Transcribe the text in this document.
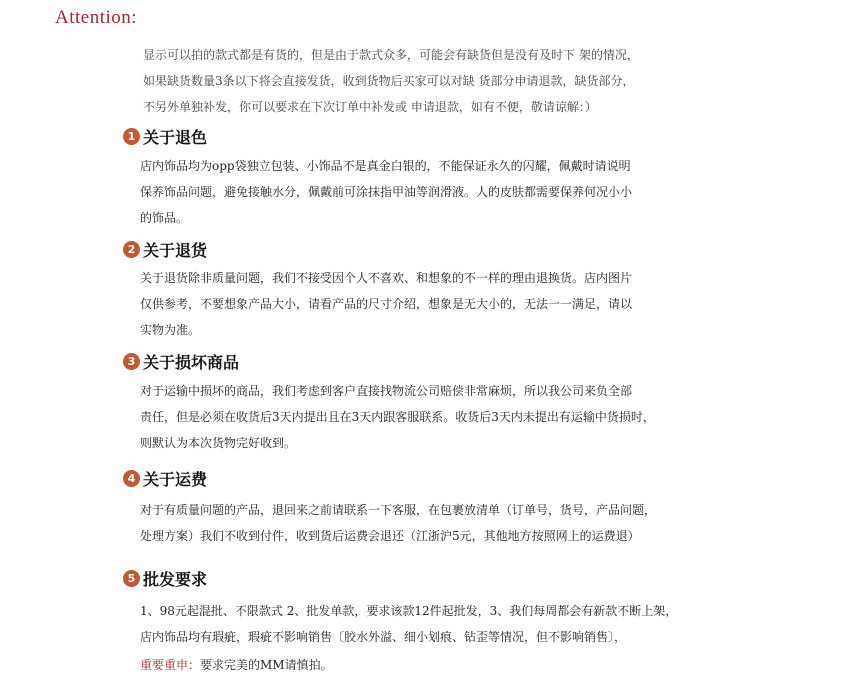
Attention:
显示可以拍的款式都是有货的，但是由于款式众多，可能会有缺货但是没有及时下 架的情况，
如果缺货数量3条以下将会直接发货，收到货物后买家可以对缺 货部分申请退款，缺货部分，
不另外单独补发，你可以要求在下次订单中补发或 申请退款，如有不便，敬请谅解：）
1 关于退色
店内饰品均为opp袋独立包装、小饰品不是真金白银的，不能保证永久的闪耀，佩戴时请说明
保养饰品问题，避免接触水分，佩戴前可涂抹指甲油等润滑液。人的皮肤都需要保养何况小小
的饰品。
2 关于退货
关于退货除非质量问题，我们不接受因个人不喜欢、和想象的不一样的理由退换货。店内图片
仅供参考，不要想象产品大小，请看产品的尺寸介绍，想象是无大小的，无法一一满足，请以
实物为准。
3 关于损坏商品
对于运输中损坏的商品，我们考虑到客户直接找物流公司赔偿非常麻烦，所以我公司来负全部
责任，但是必须在收货后3天内提出且在3天内跟客服联系。收货后3天内未提出有运输中货损时，
则默认为本次货物完好收到。
4 关于运费
对于有质量问题的产品，退回来之前请联系一下客服，在包裹放清单（订单号，货号，产品问题，
处理方案）我们不收到付件，收到货后运费会退还（江浙沪5元，其他地方按照网上的运费退）
5 批发要求
1、98元起混批、不限款式 2、批发单款，要求该款12件起批发，3、我们每周都会有新款不断上架，
店内饰品均有瑕疵，瑕疵不影响销售〔胶水外溢、细小划痕、钻歪等情况，但不影响销售〕，
重要重申：要求完美的MM请慎拍。
